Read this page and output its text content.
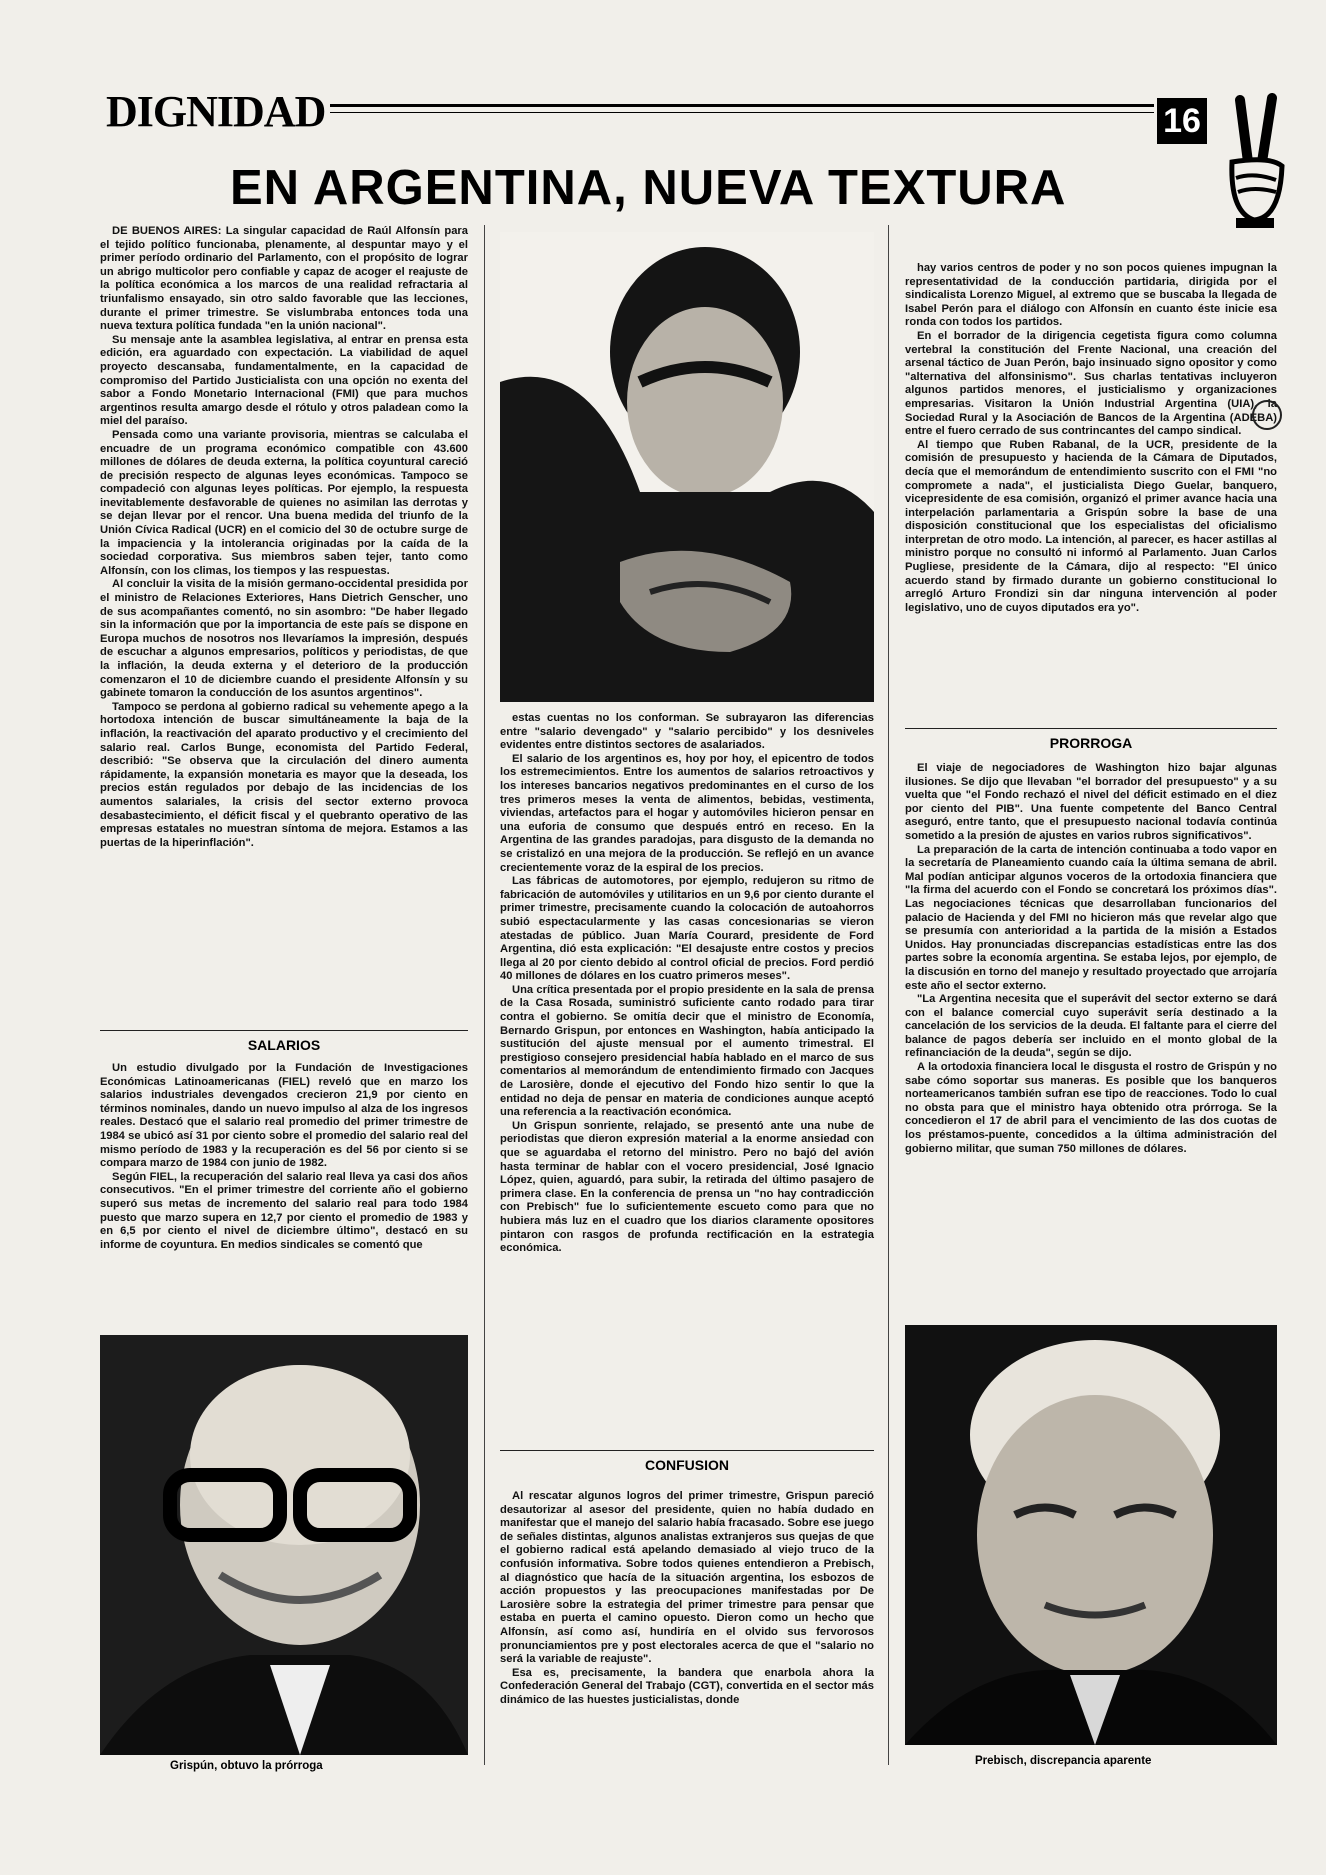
DIGNIDAD	16
EN ARGENTINA, NUEVA TEXTURA

DE BUENOS AIRES: La singular capacidad de Raúl Alfonsín para el tejido político funcionaba, plenamente, al despuntar mayo y el primer período ordinario del Parlamento, con el propósito de lograr un abrigo multicolor pero confiable y capaz de acoger el reajuste de la política económica a los marcos de una realidad refractaria al triunfalismo ensayado, sin otro saldo favorable que las lecciones, durante el primer trimestre. Se vislumbraba entonces toda una nueva textura política fundada "en la unión nacional".

Su mensaje ante la asamblea legislativa, al entrar en prensa esta edición, era aguardado con expectación. La viabilidad de aquel proyecto descansaba, fundamentalmente, en la capacidad de compromiso del Partido Justicialista con una opción no exenta del sabor a Fondo Monetario Internacional (FMI) que para muchos argentinos resulta amargo desde el rótulo y otros paladean como la miel del paraíso.

Pensada como una variante provisoria, mientras se calculaba el encuadre de un programa económico compatible con 43.600 millones de dólares de deuda externa, la política coyuntural careció de precisión respecto de algunas leyes económicas. Tampoco se compadeció con algunas leyes políticas. Por ejemplo, la respuesta inevitablemente desfavorable de quienes no asimilan las derrotas y se dejan llevar por el rencor. Una buena medida del triunfo de la Unión Cívica Radical (UCR) en el comicio del 30 de octubre surge de la impaciencia y la intolerancia originadas por la caída de la sociedad corporativa. Sus miembros saben tejer, tanto como Alfonsín, con los climas, los tiempos y las respuestas.

Al concluir la visita de la misión germano-occidental presidida por el ministro de Relaciones Exteriores, Hans Dietrich Genscher, uno de sus acompañantes comentó, no sin asombro: "De haber llegado sin la información que por la importancia de este país se dispone en Europa muchos de nosotros nos llevaríamos la impresión, después de escuchar a algunos empresarios, políticos y periodistas, de que la inflación, la deuda externa y el deterioro de la producción comenzaron el 10 de diciembre cuando el presidente Alfonsín y su gabinete tomaron la conducción de los asuntos argentinos".

Tampoco se perdona al gobierno radical su vehemente apego a la hortodoxa intención de buscar simultáneamente la baja de la inflación, la reactivación del aparato productivo y el crecimiento del salario real. Carlos Bunge, economista del Partido Federal, describió: "Se observa que la circulación del dinero aumenta rápidamente, la expansión monetaria es mayor que la deseada, los precios están regulados por debajo de las incidencias de los aumentos salariales, la crisis del sector externo provoca desabastecimiento, el déficit fiscal y el quebranto operativo de las empresas estatales no muestran síntoma de mejora. Estamos a las puertas de la hiperinflación".

SALARIOS

Un estudio divulgado por la Fundación de Investigaciones Económicas Latinoamericanas (FIEL) reveló que en marzo los salarios industriales devengados crecieron 21,9 por ciento en términos nominales, dando un nuevo impulso al alza de los ingresos reales. Destacó que el salario real promedio del primer trimestre de 1984 se ubicó así 31 por ciento sobre el promedio del salario real del mismo período de 1983 y la recuperación es del 56 por ciento si se compara marzo de 1984 con junio de 1982.

Según FIEL, la recuperación del salario real lleva ya casi dos años consecutivos. "En el primer trimestre del corriente año el gobierno superó sus metas de incremento del salario real para todo 1984 puesto que marzo supera en 12,7 por ciento el promedio de 1983 y en 6,5 por ciento el nivel de diciembre último", destacó en su informe de coyuntura. En medios sindicales se comentó que

Grispún, obtuvo la prórroga

estas cuentas no los conforman. Se subrayaron las diferencias entre "salario devengado" y "salario percibido" y los desniveles evidentes entre distintos sectores de asalariados.

El salario de los argentinos es, hoy por hoy, el epicentro de todos los estremecimientos. Entre los aumentos de salarios retroactivos y los intereses bancarios negativos predominantes en el curso de los tres primeros meses la venta de alimentos, bebidas, vestimenta, viviendas, artefactos para el hogar y automóviles hicieron pensar en una euforia de consumo que después entró en receso. En la Argentina de las grandes paradojas, para disgusto de la demanda no se cristalizó en una mejora de la producción. Se reflejó en un avance crecientemente voraz de la espiral de los precios.

Las fábricas de automotores, por ejemplo, redujeron su ritmo de fabricación de automóviles y utilitarios en un 9,6 por ciento durante el primer trimestre, precisamente cuando la colocación de autoahorros subió espectacularmente y las casas concesionarias se vieron atestadas de público. Juan María Courard, presidente de Ford Argentina, dió esta explicación: "El desajuste entre costos y precios llega al 20 por ciento debido al control oficial de precios. Ford perdió 40 millones de dólares en los cuatro primeros meses".

Una crítica presentada por el propio presidente en la sala de prensa de la Casa Rosada, suministró suficiente canto rodado para tirar contra el gobierno. Se omitía decir que el ministro de Economía, Bernardo Grispun, por entonces en Washington, había anticipado la sustitución del ajuste mensual por el aumento trimestral. El prestigioso consejero presidencial había hablado en el marco de sus comentarios al memorándum de entendimiento firmado con Jacques de Larosière, donde el ejecutivo del Fondo hizo sentir lo que la entidad no deja de pensar en materia de condiciones aunque aceptó una referencia a la reactivación económica.

Un Grispun sonriente, relajado, se presentó ante una nube de periodistas que dieron expresión material a la enorme ansiedad con que se aguardaba el retorno del ministro. Pero no bajó del avión hasta terminar de hablar con el vocero presidencial, José Ignacio López, quien, aguardó, para subir, la retirada del último pasajero de primera clase. En la conferencia de prensa un "no hay contradicción con Prebisch" fue lo suficientemente escueto como para que no hubiera más luz en el cuadro que los diarios claramente opositores pintaron con rasgos de profunda rectificación en la estrategia económica.

CONFUSION

Al rescatar algunos logros del primer trimestre, Grispun pareció desautorizar al asesor del presidente, quien no había dudado en manifestar que el manejo del salario había fracasado. Sobre ese juego de señales distintas, algunos analistas extranjeros sus quejas de que el gobierno radical está apelando demasiado al viejo truco de la confusión informativa. Sobre todos quienes entendieron a Prebisch, al diagnóstico que hacía de la situación argentina, los esbozos de acción propuestos y las preocupaciones manifestadas por De Larosière sobre la estrategia del primer trimestre para pensar que estaba en puerta el camino opuesto. Dieron como un hecho que Alfonsín, así como así, hundiría en el olvido sus fervorosos pronunciamientos pre y post electorales acerca de que el "salario no será la variable de reajuste".

Esa es, precisamente, la bandera que enarbola ahora la Confederación General del Trabajo (CGT), convertida en el sector más dinámico de las huestes justicialistas, donde

hay varios centros de poder y no son pocos quienes impugnan la representatividad de la conducción partidaria, dirigida por el sindicalista Lorenzo Miguel, al extremo que se buscaba la llegada de Isabel Perón para el diálogo con Alfonsín en cuanto éste inicie esa ronda con todos los partidos.

En el borrador de la dirigencia cegetista figura como columna vertebral la constitución del Frente Nacional, una creación del arsenal táctico de Juan Perón, bajo insinuado signo opositor y como "alternativa del alfonsinismo". Sus charlas tentativas incluyeron algunos partidos menores, el justicialismo y organizaciones empresarias. Visitaron la Unión Industrial Argentina (UIA), la Sociedad Rural y la Asociación de Bancos de la Argentina (ADEBA) entre el fuero cerrado de sus contrincantes del campo sindical.

Al tiempo que Ruben Rabanal, de la UCR, presidente de la comisión de presupuesto y hacienda de la Cámara de Diputados, decía que el memorándum de entendimiento suscrito con el FMI "no compromete a nada", el justicialista Diego Guelar, banquero, vicepresidente de esa comisión, organizó el primer avance hacia una interpelación parlamentaria a Grispún sobre la base de una disposición constitucional que los especialistas del oficialismo interpretan de otro modo. La intención, al parecer, es hacer astillas al ministro porque no consultó ni informó al Parlamento. Juan Carlos Pugliese, presidente de la Cámara, dijo al respecto: "El único acuerdo stand by firmado durante un gobierno constitucional lo arregló Arturo Frondizi sin dar ninguna intervención al poder legislativo, uno de cuyos diputados era yo".

PRORROGA

El viaje de negociadores de Washington hizo bajar algunas ilusiones. Se dijo que llevaban "el borrador del presupuesto" y a su vuelta que "el Fondo rechazó el nivel del déficit estimado en el diez por ciento del PIB". Una fuente competente del Banco Central aseguró, entre tanto, que el presupuesto nacional todavía continúa sometido a la presión de ajustes en varios rubros significativos".

La preparación de la carta de intención continuaba a todo vapor en la secretaría de Planeamiento cuando caía la última semana de abril. Mal podían anticipar algunos voceros de la ortodoxia financiera que "la firma del acuerdo con el Fondo se concretará los próximos días". Las negociaciones técnicas que desarrollaban funcionarios del palacio de Hacienda y del FMI no hicieron más que revelar algo que se presumía con anterioridad a la partida de la misión a Estados Unidos. Hay pronunciadas discrepancias estadísticas entre las dos partes sobre la economía argentina. Se estaba lejos, por ejemplo, de la discusión en torno del manejo y resultado proyectado que arrojaría este año el sector externo.

"La Argentina necesita que el superávit del sector externo se dará con el balance comercial cuyo superávit sería destinado a la cancelación de los servicios de la deuda. El faltante para el cierre del balance de pagos debería ser incluido en el monto global de la refinanciación de la deuda", según se dijo.

A la ortodoxia financiera local le disgusta el rostro de Grispún y no sabe cómo soportar sus maneras. Es posible que los banqueros norteamericanos también sufran ese tipo de reacciones. Todo lo cual no obsta para que el ministro haya obtenido otra prórroga. Se la concedieron el 17 de abril para el vencimiento de las dos cuotas de los préstamos-puente, concedidos a la última administración del gobierno militar, que suman 750 millones de dólares.

Prebisch, discrepancia aparente
